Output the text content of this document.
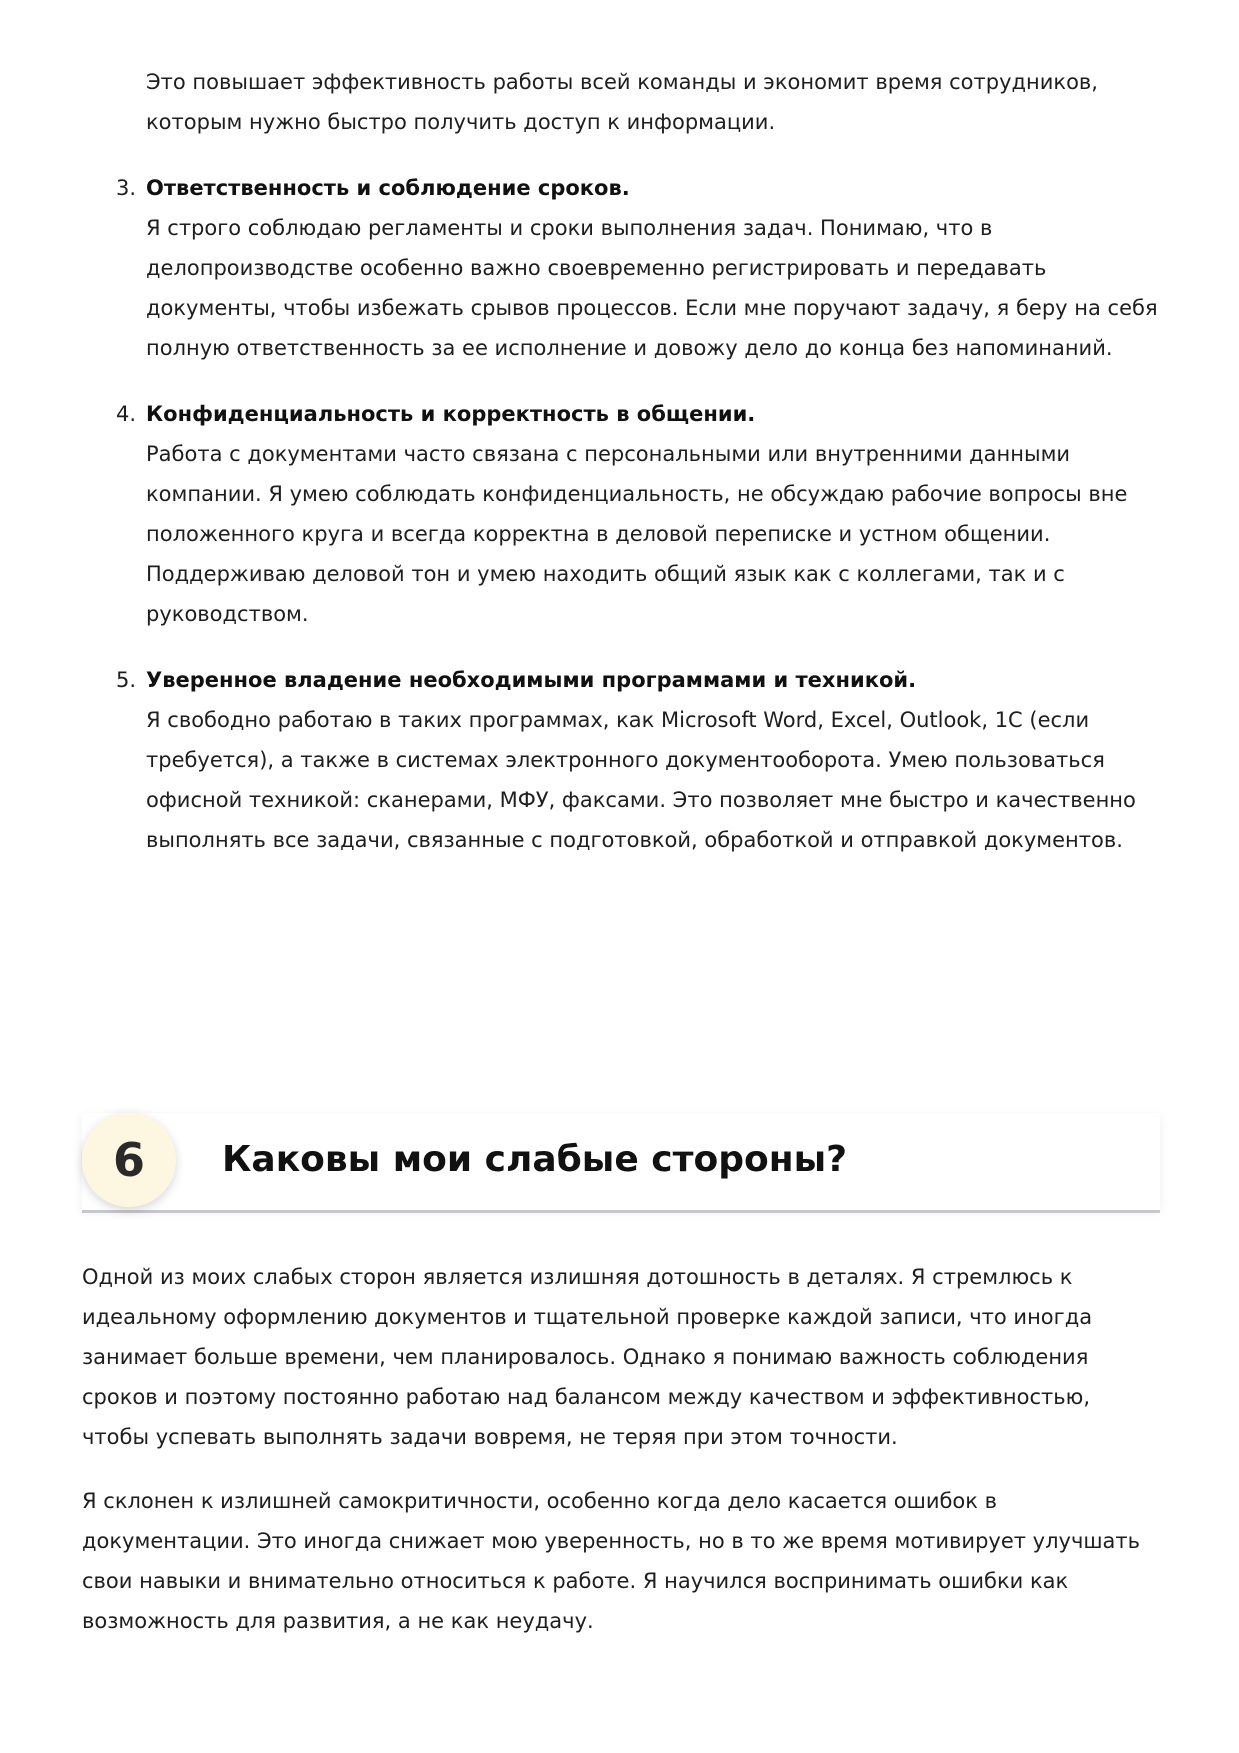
Это повышает эффективность работы всей команды и экономит время сотрудников, которым нужно быстро получить доступ к информации.

3. Ответственность и соблюдение сроков.
Я строго соблюдаю регламенты и сроки выполнения задач. Понимаю, что в делопроизводстве особенно важно своевременно регистрировать и передавать документы, чтобы избежать срывов процессов. Если мне поручают задачу, я беру на себя полную ответственность за ее исполнение и довожу дело до конца без напоминаний.
4. Конфиденциальность и корректность в общении.
Работа с документами часто связана с персональными или внутренними данными компании. Я умею соблюдать конфиденциальность, не обсуждаю рабочие вопросы вне положенного круга и всегда корректна в деловой переписке и устном общении. Поддерживаю деловой тон и умею находить общий язык как с коллегами, так и с руководством.
5. Уверенное владение необходимыми программами и техникой.
Я свободно работаю в таких программах, как Microsoft Word, Excel, Outlook, 1С (если требуется), а также в системах электронного документооборота. Умею пользоваться офисной техникой: сканерами, МФУ, факсами. Это позволяет мне быстро и качественно выполнять все задачи, связанные с подготовкой, обработкой и отправкой документов.
6	Каковы мои слабые стороны?

Одной из моих слабых сторон является излишняя дотошность в деталях. Я стремлюсь к идеальному оформлению документов и тщательной проверке каждой записи, что иногда занимает больше времени, чем планировалось. Однако я понимаю важность соблюдения сроков и поэтому постоянно работаю над балансом между качеством и эффективностью, чтобы успевать выполнять задачи вовремя, не теряя при этом точности.

Я склонен к излишней самокритичности, особенно когда дело касается ошибок в документации. Это иногда снижает мою уверенность, но в то же время мотивирует улучшать свои навыки и внимательно относиться к работе. Я научился воспринимать ошибки как возможность для развития, а не как неудачу.
